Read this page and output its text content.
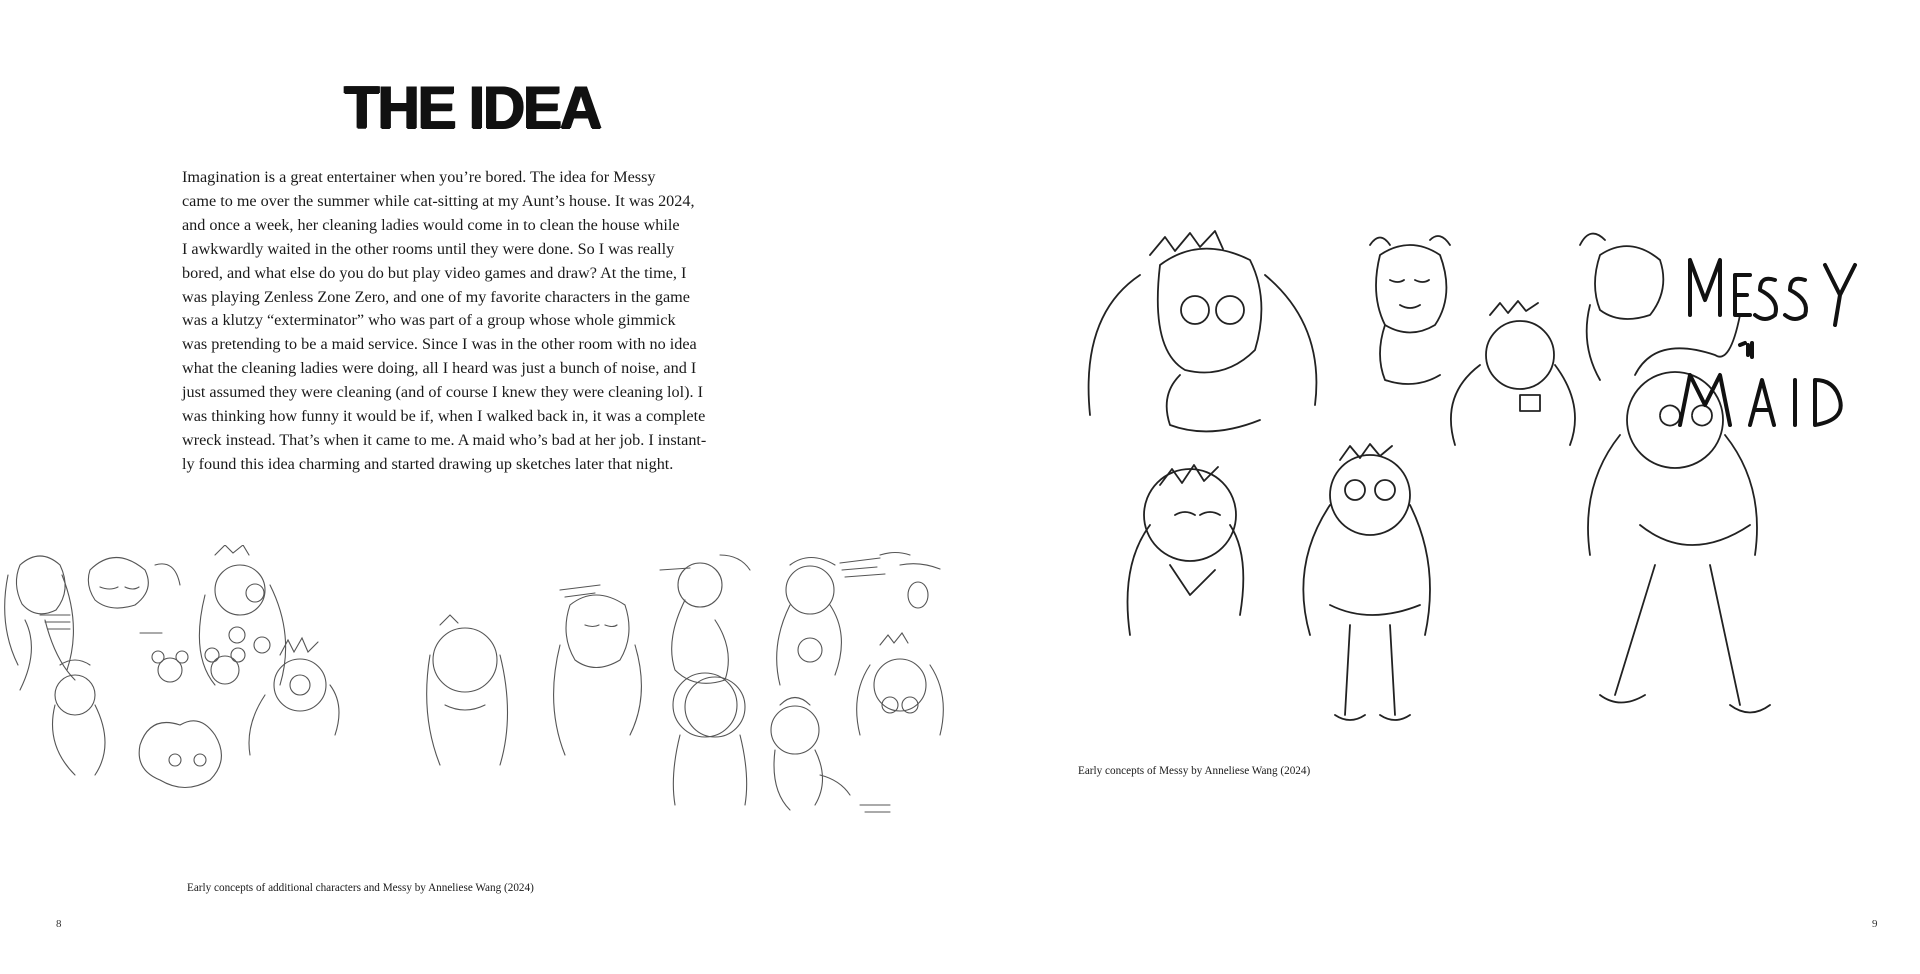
THE IDEA
Imagination is a great entertainer when you’re bored. The idea for Messy
came to me over the summer while cat-sitting at my Aunt’s house. It was 2024,
and once a week, her cleaning ladies would come in to clean the house while
I awkwardly waited in the other rooms until they were done. So I was really
bored, and what else do you do but play video games and draw? At the time, I
was playing Zenless Zone Zero, and one of my favorite characters in the game
was a klutzy “exterminator” who was part of a group whose whole gimmick
was pretending to be a maid service. Since I was in the other room with no idea
what the cleaning ladies were doing, all I heard was just a bunch of noise, and I
just assumed they were cleaning (and of course I knew they were cleaning lol). I
was thinking how funny it would be if, when I walked back in, it was a complete
wreck instead. That’s when it came to me. A maid who’s bad at her job. I instant-
ly found this idea charming and started drawing up sketches later that night.

Early concepts of additional characters and Messy by Anneliese Wang (2024)

Early concepts of Messy by Anneliese Wang (2024)

8	9
